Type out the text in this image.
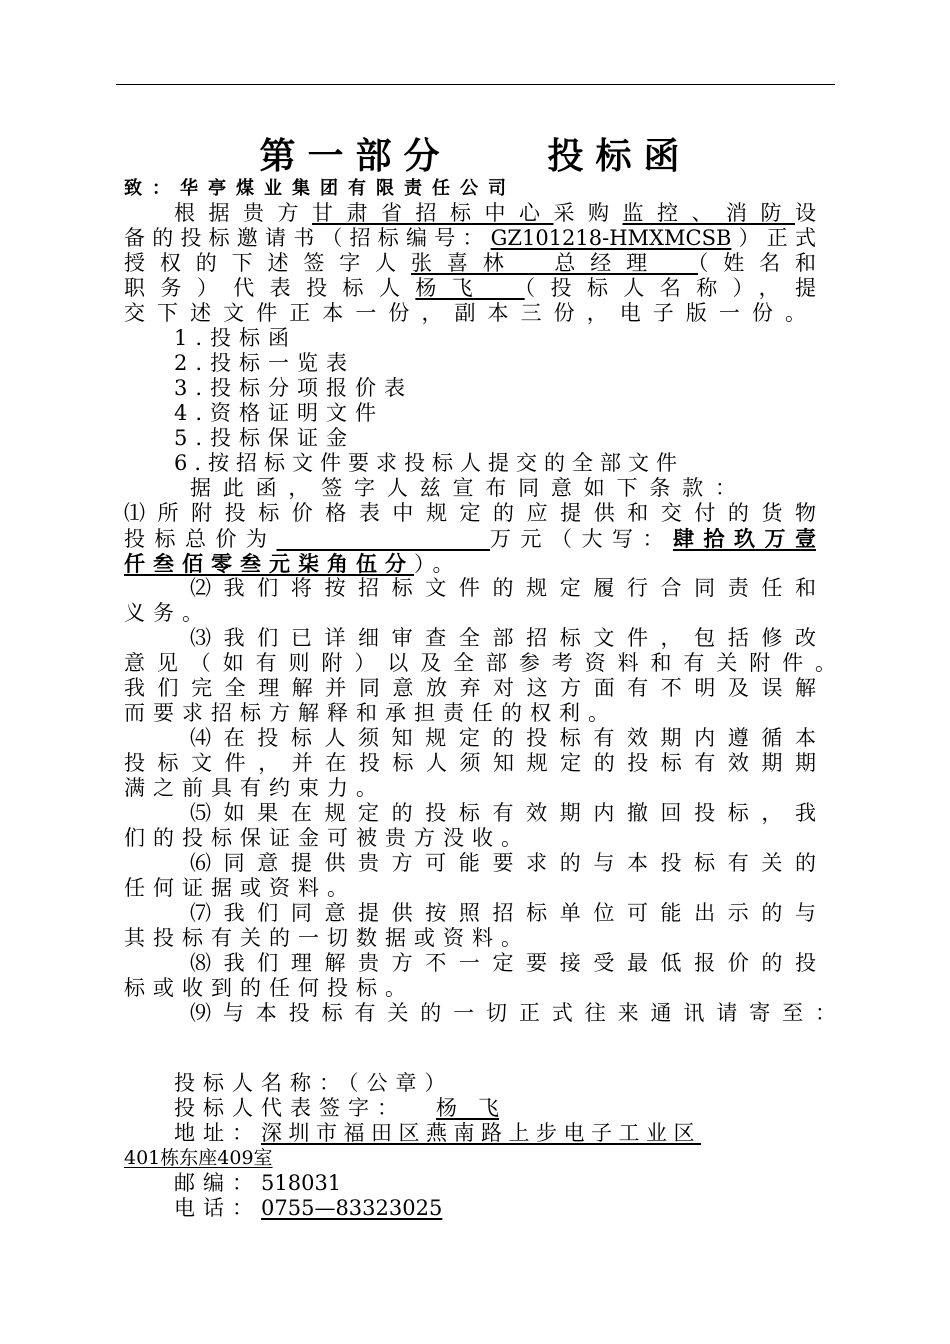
第一部分　　投标函
致：华亭煤业集团有限责任公司
根据贵方甘肃省招标中心采购监控、消防设
备的投标邀请书（招标编号：GZ101218-HMXMCSB）正式
授权的下述签字人张喜林　总经理　（姓名和
职务）代表投标人杨飞　（投标人名称），提
交下述文件正本一份，副本三份，电子版一份。
1.投标函
2.投标一览表
3.投标分项报价表
4.资格证明文件
5.投标保证金
6.按招标文件要求投标人提交的全部文件
据此函，签字人兹宣布同意如下条款：
⑴所附投标价格表中规定的应提供和交付的货物
投标总价为　　　　　　　	万元（大写：肆拾玖万壹
仟叁佰零叁元柒角伍分）。
⑵我们将按招标文件的规定履行合同责任和
义务。
⑶我们已详细审查全部招标文件，包括修改
意见（如有则附）以及全部参考资料和有关附件。
我们完全理解并同意放弃对这方面有不明及误解
而要求招标方解释和承担责任的权利。
⑷在投标人须知规定的投标有效期内遵循本
投标文件，并在投标人须知规定的投标有效期期
满之前具有约束力。
⑸如果在规定的投标有效期内撤回投标，我
们的投标保证金可被贵方没收。
⑹同意提供贵方可能要求的与本投标有关的
任何证据或资料。
⑺我们同意提供按照招标单位可能出示的与
其投标有关的一切数据或资料。
⑻我们理解贵方不一定要接受最低报价的投
标或收到的任何投标。
⑼与本投标有关的一切正式往来通讯请寄至：
投标人名称：（公章）
投标人代表签字： 杨　飞
地址：深圳市福田区燕南路上步电子工业区
401栋东座409室
邮编：518031
电话：0755—83323025
